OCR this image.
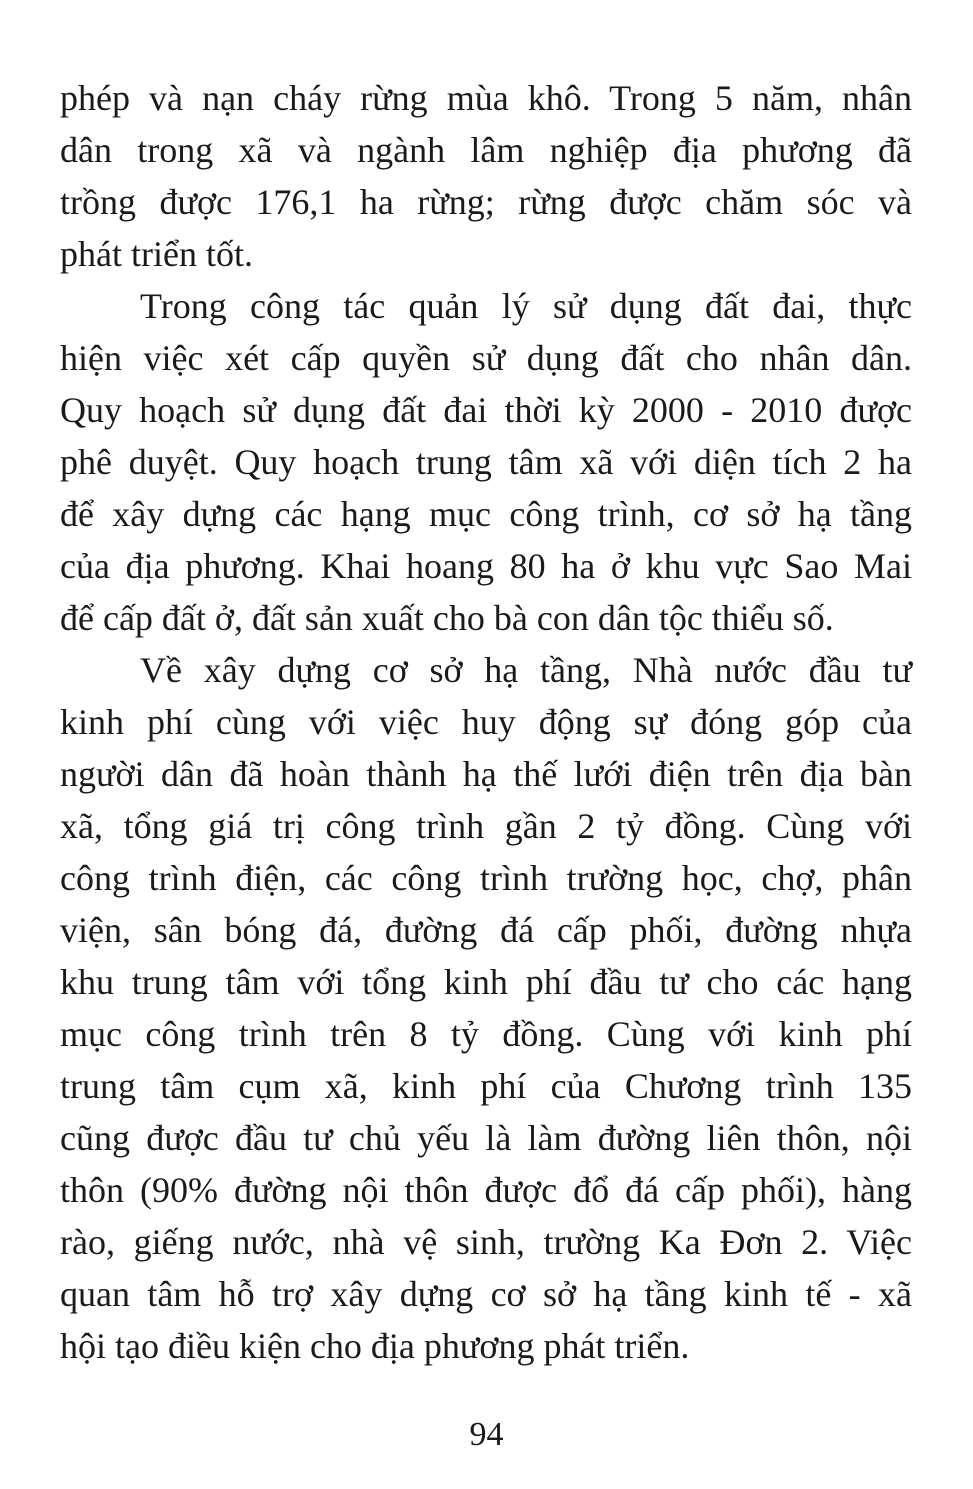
phép và nạn cháy rừng mùa khô. Trong 5 năm, nhân
dân trong xã và ngành lâm nghiệp địa phương đã
trồng được 176,1 ha rừng; rừng được chăm sóc và
phát triển tốt.
Trong công tác quản lý sử dụng đất đai, thực
hiện việc xét cấp quyền sử dụng đất cho nhân dân.
Quy hoạch sử dụng đất đai thời kỳ 2000 - 2010 được
phê duyệt. Quy hoạch trung tâm xã với diện tích 2 ha
để xây dựng các hạng mục công trình, cơ sở hạ tầng
của địa phương. Khai hoang 80 ha ở khu vực Sao Mai
để cấp đất ở, đất sản xuất cho bà con dân tộc thiểu số.
Về xây dựng cơ sở hạ tầng, Nhà nước đầu tư
kinh phí cùng với việc huy động sự đóng góp của
người dân đã hoàn thành hạ thế lưới điện trên địa bàn
xã, tổng giá trị công trình gần 2 tỷ đồng. Cùng với
công trình điện, các công trình trường học, chợ, phân
viện, sân bóng đá, đường đá cấp phối, đường nhựa
khu trung tâm với tổng kinh phí đầu tư cho các hạng
mục công trình trên 8 tỷ đồng. Cùng với kinh phí
trung tâm cụm xã, kinh phí của Chương trình 135
cũng được đầu tư chủ yếu là làm đường liên thôn, nội
thôn (90% đường nội thôn được đổ đá cấp phối), hàng
rào, giếng nước, nhà vệ sinh, trường Ka Đơn 2. Việc
quan tâm hỗ trợ xây dựng cơ sở hạ tầng kinh tế - xã
hội tạo điều kiện cho địa phương phát triển.
94
